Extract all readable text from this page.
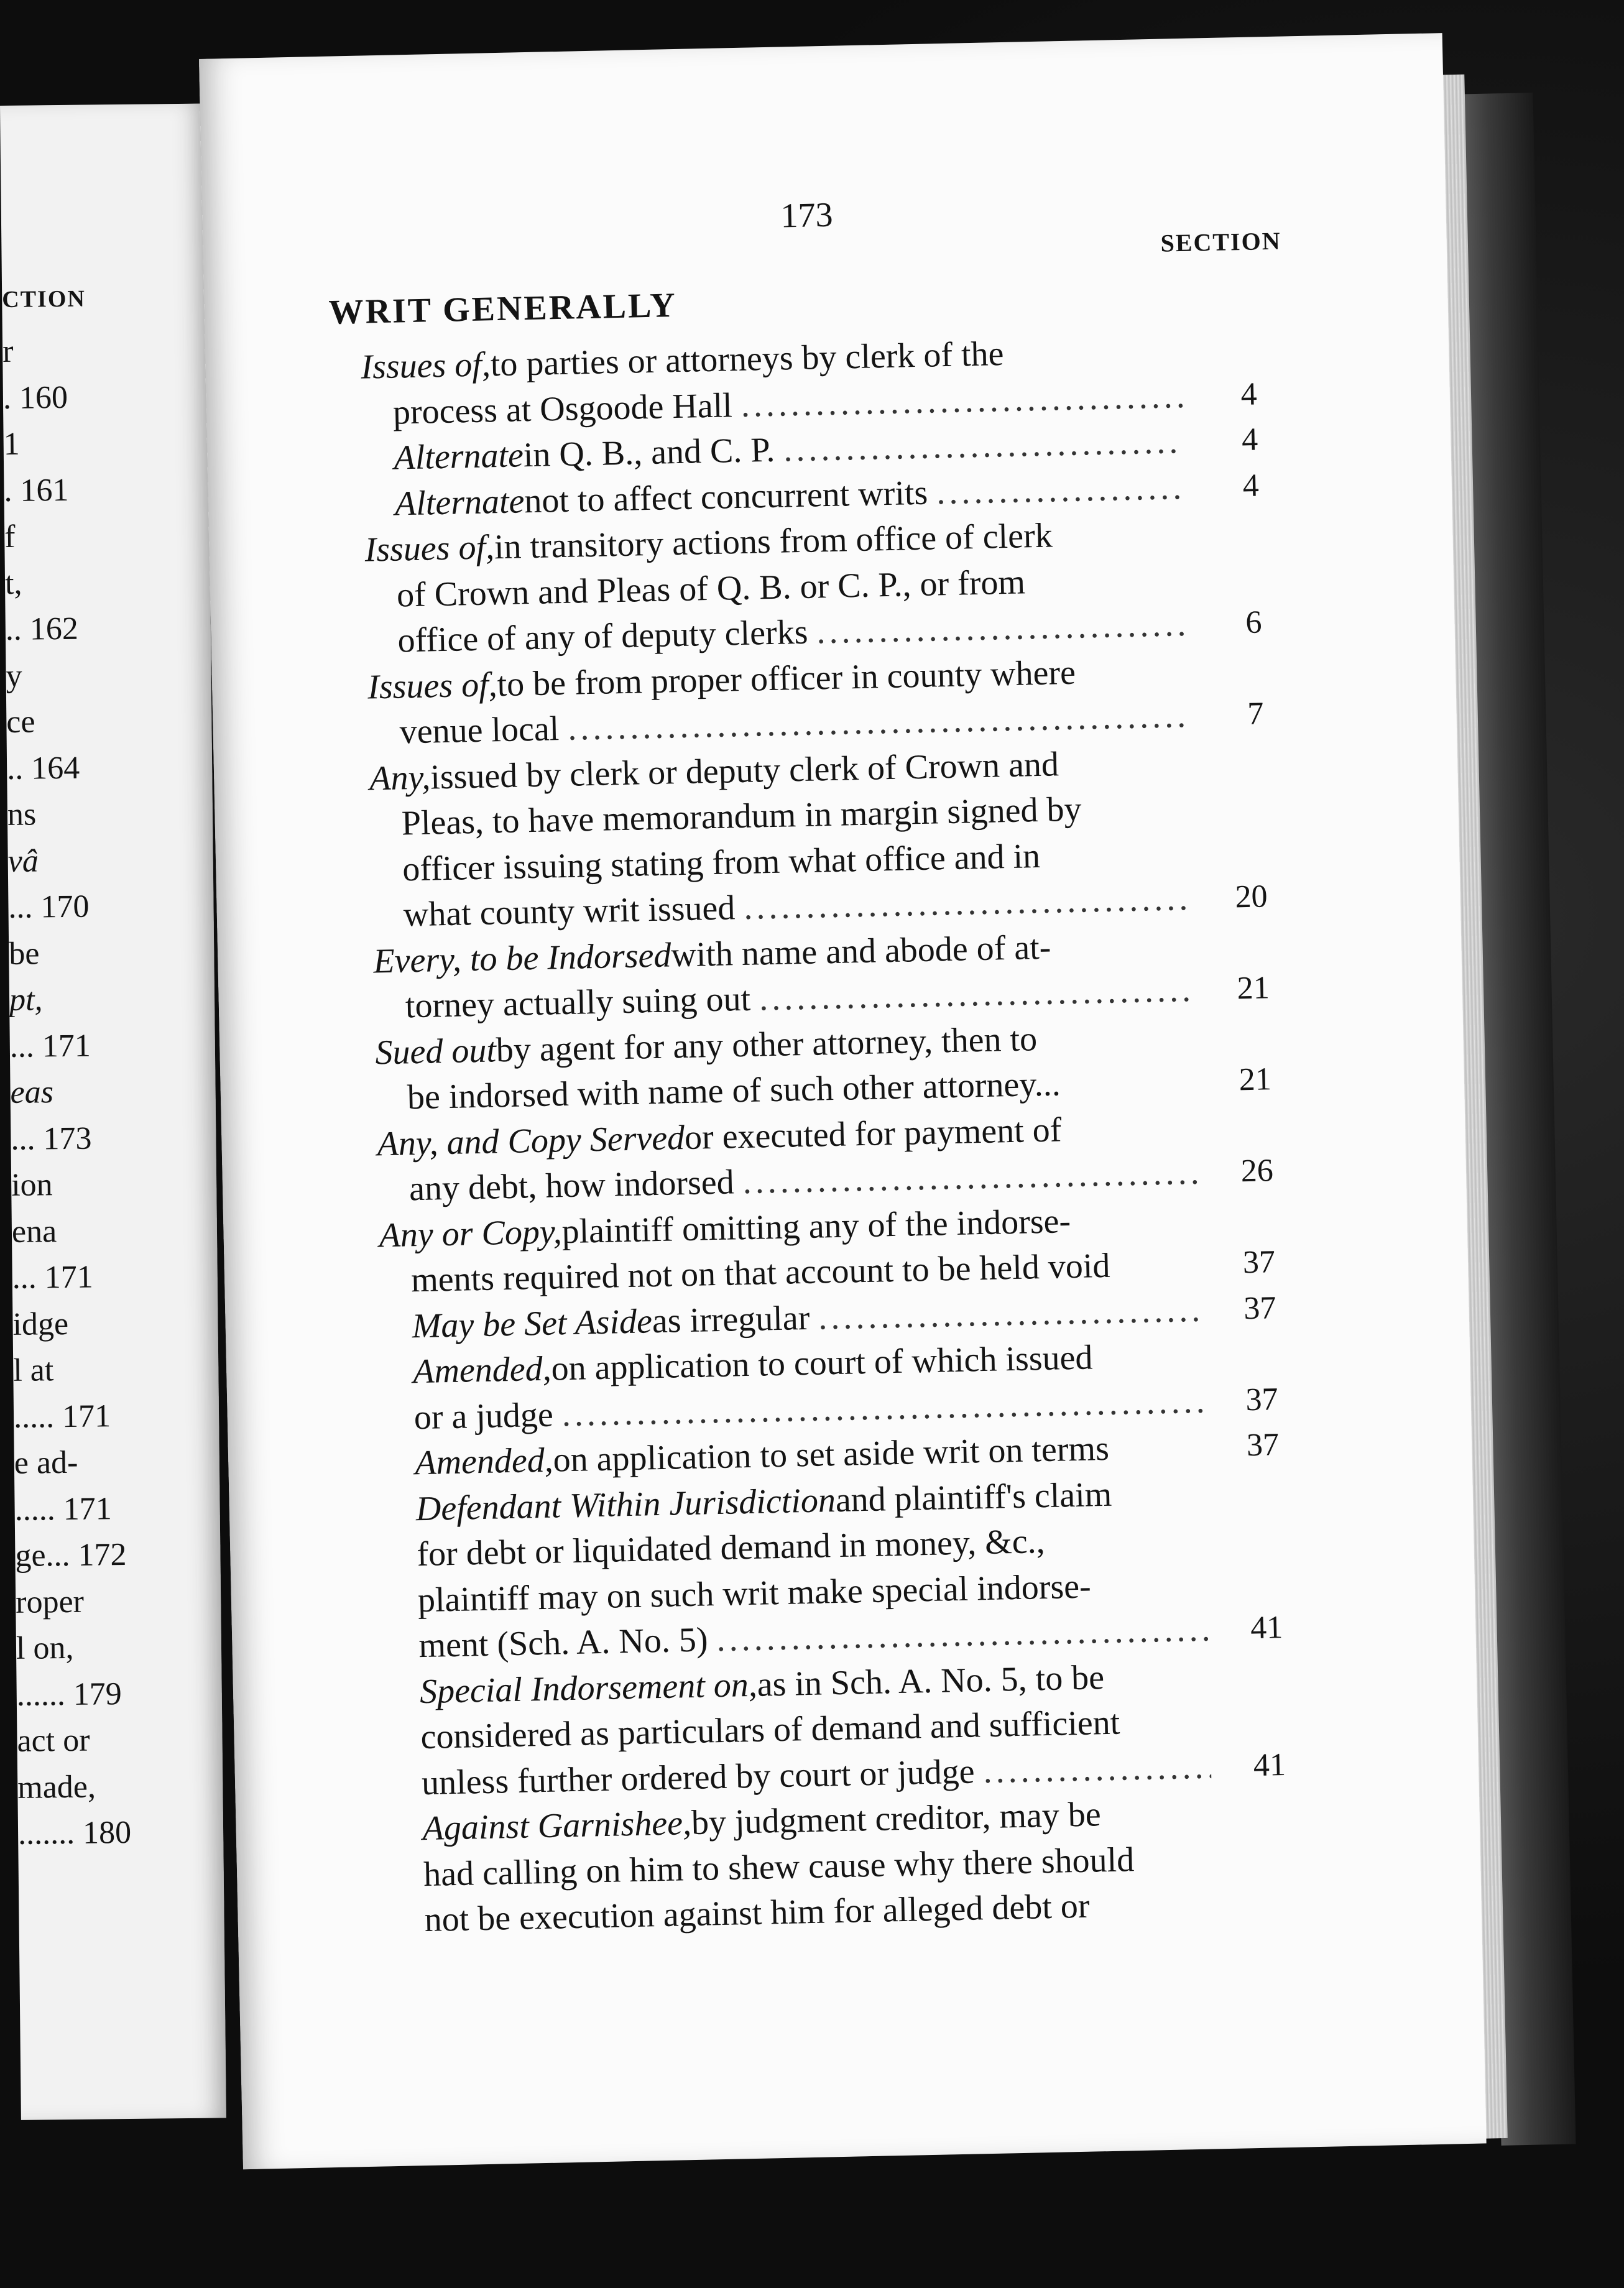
CTION
r
. 160
1
. 161
f
t,
.. 162
y
ce
.. 164
ns
vâ
... 170
be
pt,
... 171
eas
... 173
ion
ena
... 171
idge
l at
..... 171
e ad-
..... 171
ge... 172
roper
l on,
...... 179
act or
made,
....... 180
173
SECTION
WRIT GENERALLY
Issues of,
to parties or attorneys by clerk of the
process at Osgoode Hall .....	4
Alternate
in Q. B., and C. P. .....	4
Alternate
not to affect concurrent writs .....	4
Issues of,
in transitory actions from office of clerk
of Crown and Pleas of Q. B. or C. P., or from
office of any of deputy clerks .....	6
Issues of,
to be from proper officer in county where
venue local .....	7
Any,
issued by clerk or deputy clerk of Crown and
Pleas, to have memorandum in margin signed by
officer issuing stating from what office and in
what county writ issued .....	20
Every, to be Indorsed
with name and abode of at-
torney actually suing out .....	21
Sued out
by agent for any other attorney, then to
be indorsed with name of such other attorney...	21
Any, and Copy Served
or executed for payment of
any debt, how indorsed .....	26
Any or Copy,
plaintiff omitting any of the indorse-
ments required not on that account to be held void	37
May be Set Aside
as irregular .....	37
Amended,
on application to court of which issued
or a judge .....	37
Amended,
on application to set aside writ on terms	37
Defendant Within Jurisdiction
and plaintiff's claim
for debt or liquidated demand in money, &c.,
plaintiff may on such writ make special indorse-
ment (Sch. A. No. 5) .....	41
Special Indorsement on,
as in Sch. A. No. 5, to be
considered as particulars of demand and sufficient
unless further ordered by court or judge .....	41
Against Garnishee,
by judgment creditor, may be
had calling on him to shew cause why there should
not be execution against him for alleged debt or
